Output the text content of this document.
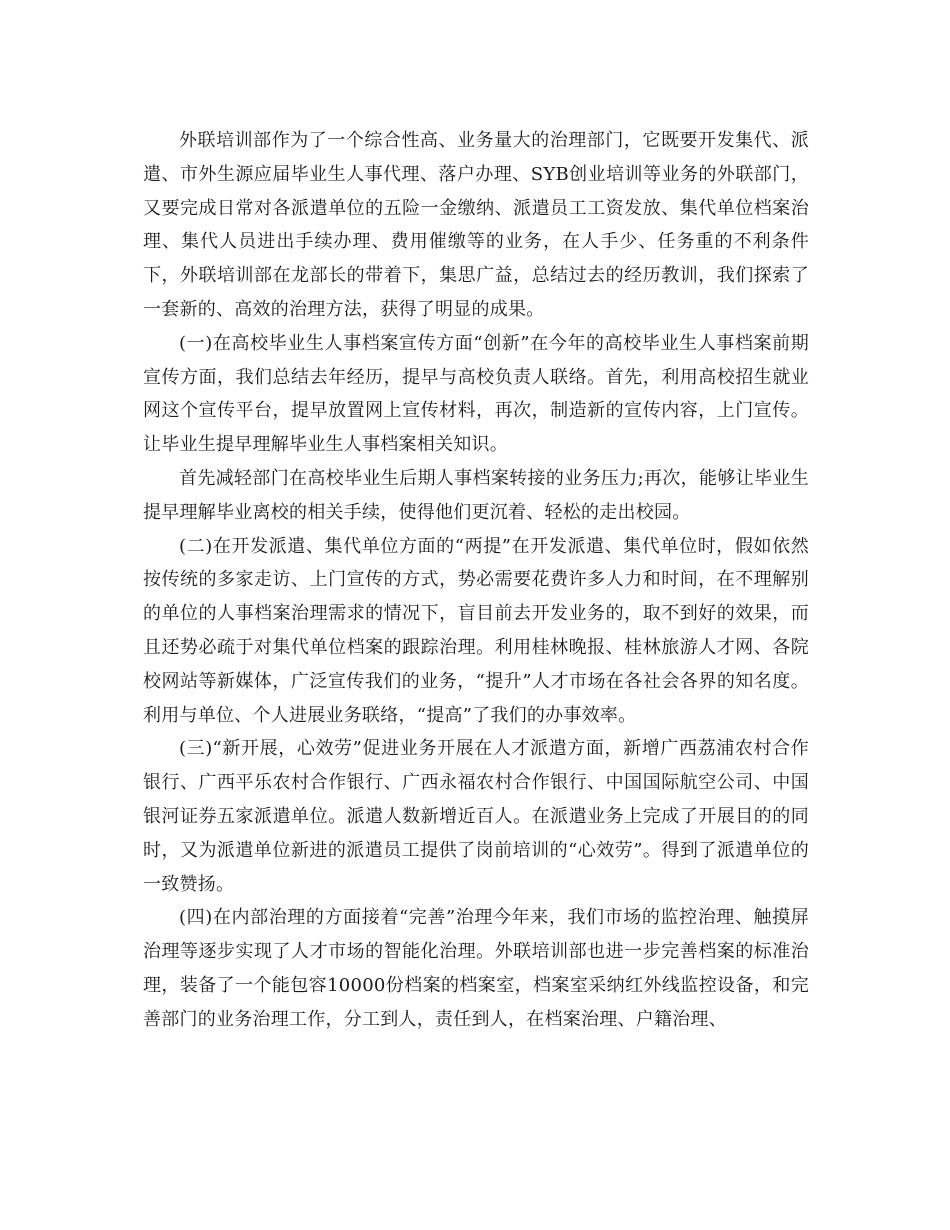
外联培训部作为了一个综合性高、业务量大的治理部门，它既要开发集代、派遣、市外生源应届毕业生人事代理、落户办理、SYB创业培训等业务的外联部门，又要完成日常对各派遣单位的五险一金缴纳、派遣员工工资发放、集代单位档案治理、集代人员进出手续办理、费用催缴等的业务，在人手少、任务重的不利条件下，外联培训部在龙部长的带着下，集思广益，总结过去的经历教训，我们探索了一套新的、高效的治理方法，获得了明显的成果。

(一)在高校毕业生人事档案宣传方面“创新”在今年的高校毕业生人事档案前期宣传方面，我们总结去年经历，提早与高校负责人联络。首先，利用高校招生就业网这个宣传平台，提早放置网上宣传材料，再次，制造新的宣传内容，上门宣传。让毕业生提早理解毕业生人事档案相关知识。

首先减轻部门在高校毕业生后期人事档案转接的业务压力;再次，能够让毕业生提早理解毕业离校的相关手续，使得他们更沉着、轻松的走出校园。

(二)在开发派遣、集代单位方面的“两提”在开发派遣、集代单位时，假如依然按传统的多家走访、上门宣传的方式，势必需要花费许多人力和时间，在不理解别的单位的人事档案治理需求的情况下，盲目前去开发业务的，取不到好的效果，而且还势必疏于对集代单位档案的跟踪治理。利用桂林晚报、桂林旅游人才网、各院校网站等新媒体，广泛宣传我们的业务，“提升”人才市场在各社会各界的知名度。利用与单位、个人进展业务联络，“提高”了我们的办事效率。

(三)“新开展，心效劳”促进业务开展在人才派遣方面，新增广西荔浦农村合作银行、广西平乐农村合作银行、广西永福农村合作银行、中国国际航空公司、中国银河证券五家派遣单位。派遣人数新增近百人。在派遣业务上完成了开展目的的同时，又为派遣单位新进的派遣员工提供了岗前培训的“心效劳”。得到了派遣单位的一致赞扬。

(四)在内部治理的方面接着“完善”治理今年来，我们市场的监控治理、触摸屏治理等逐步实现了人才市场的智能化治理。外联培训部也进一步完善档案的标准治理，装备了一个能包容10000份档案的档案室，档案室采纳红外线监控设备，和完善部门的业务治理工作，分工到人，责任到人，在档案治理、户籍治理、
